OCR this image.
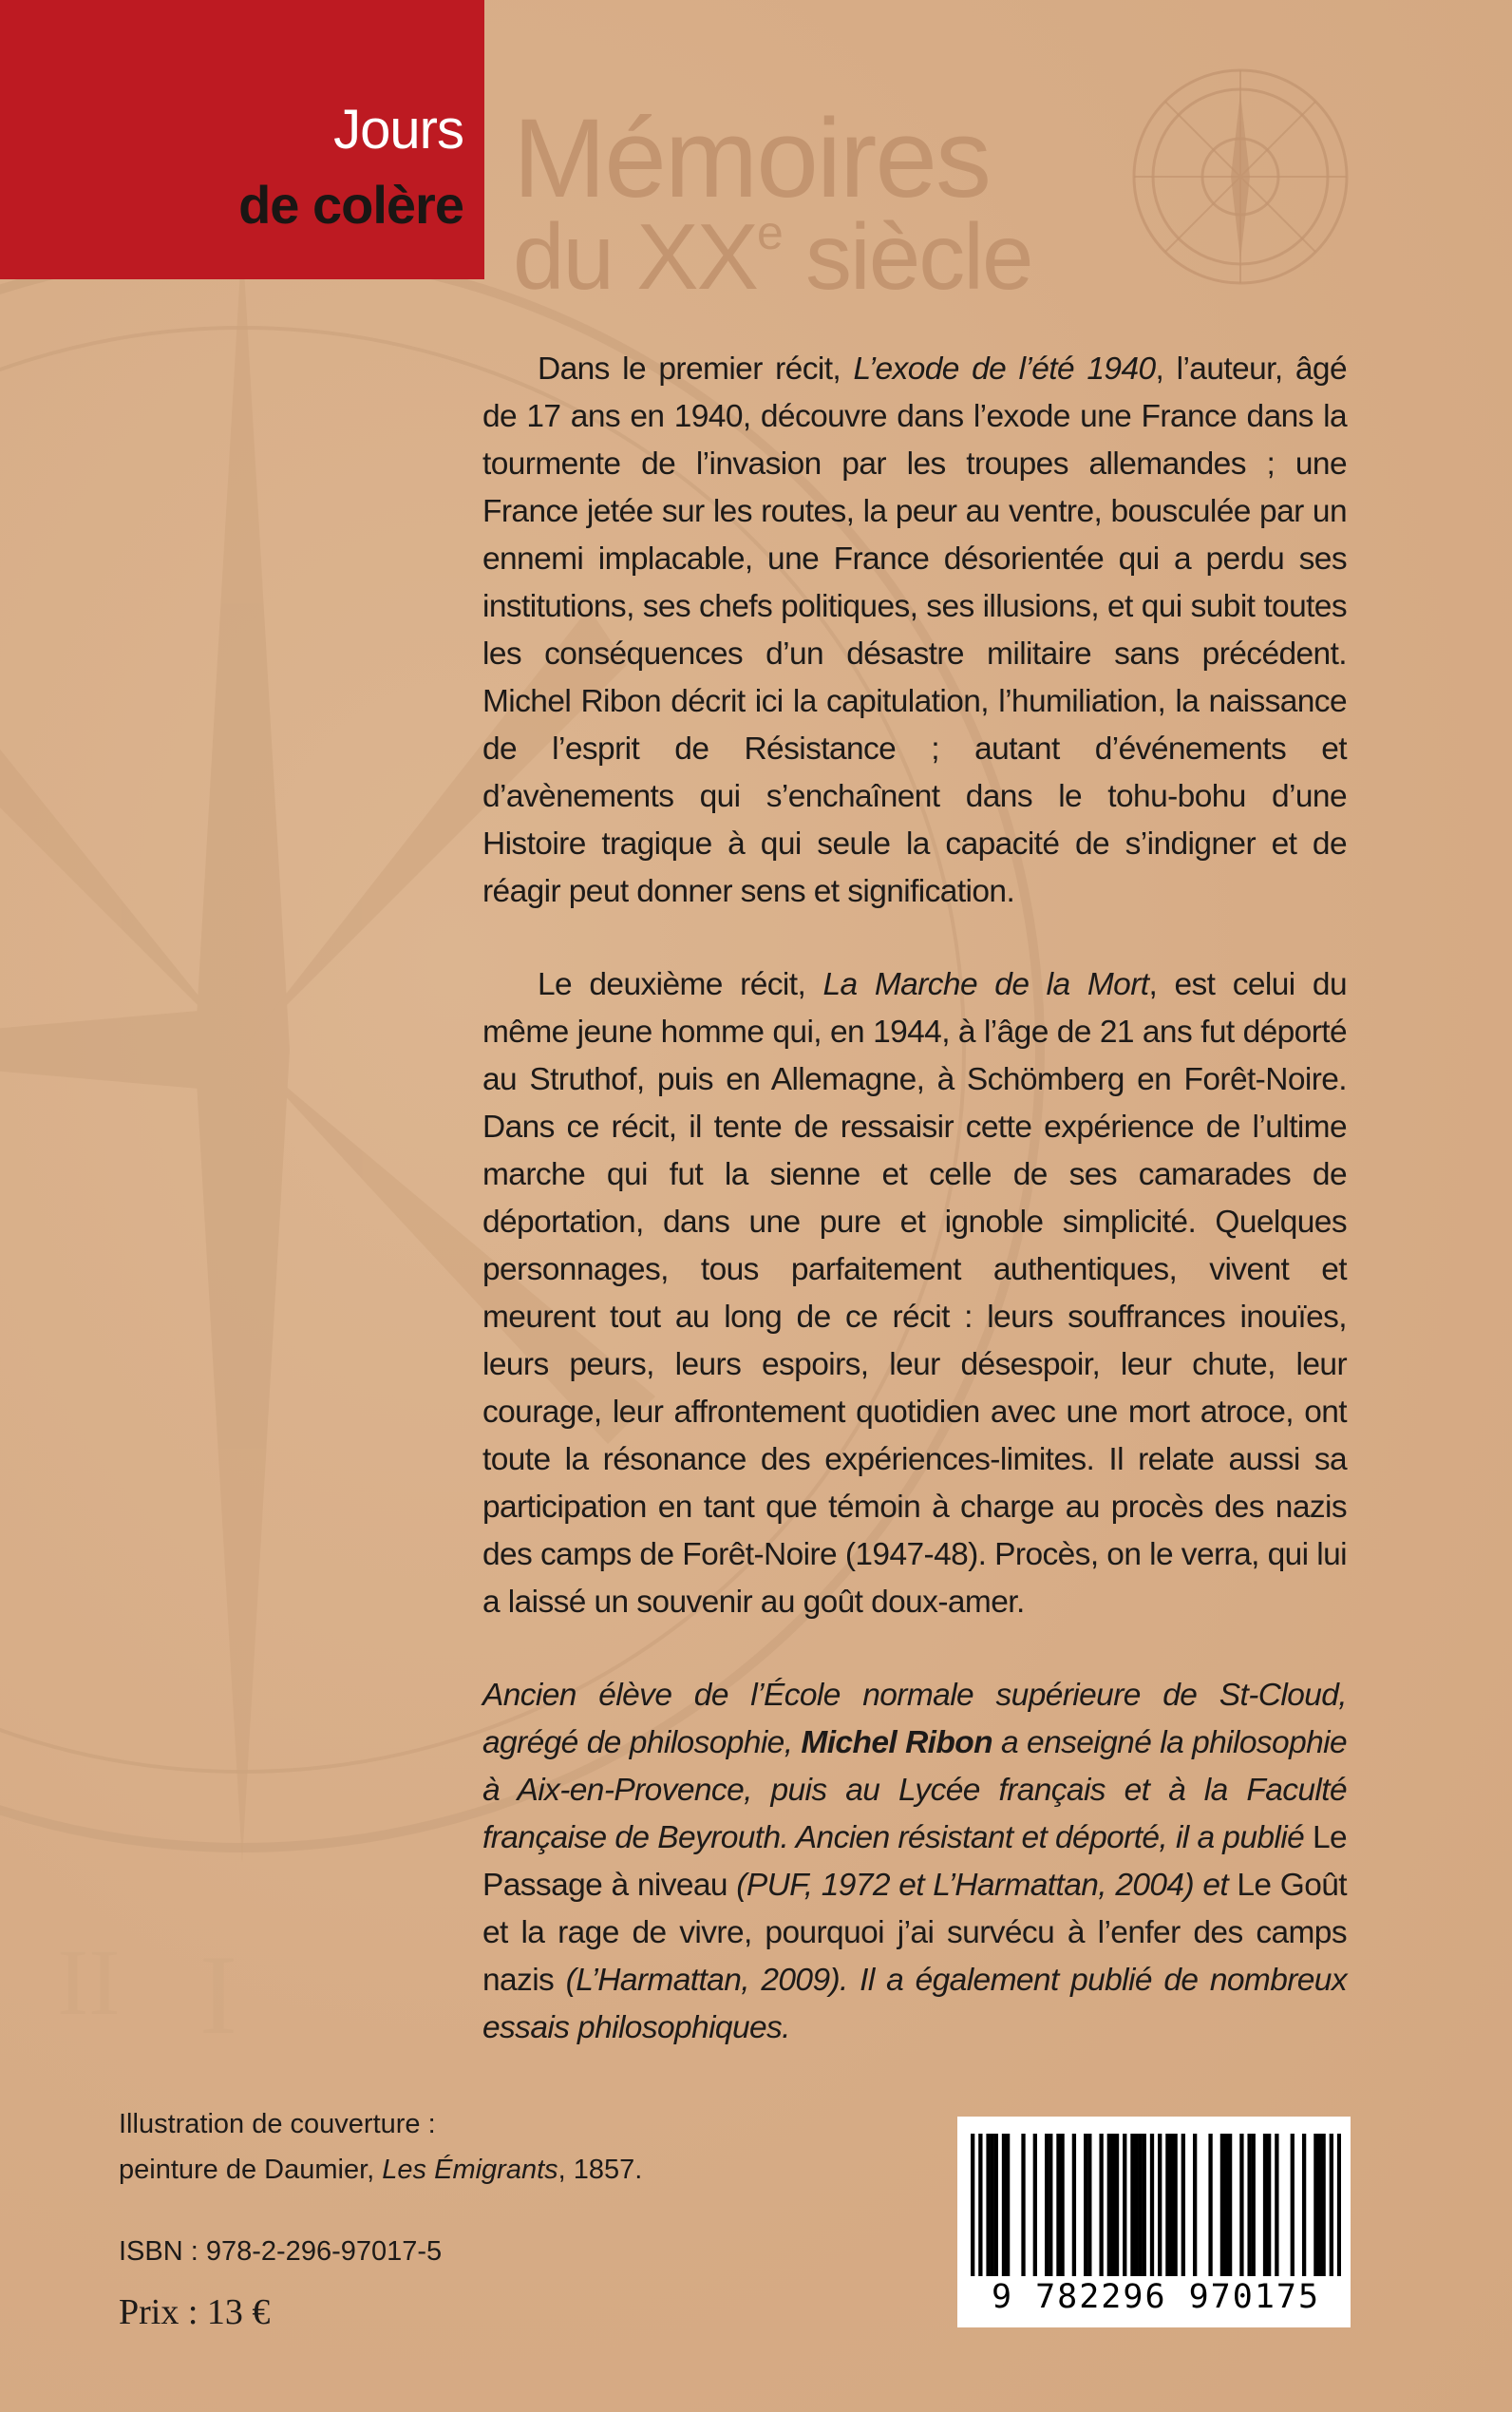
I
II
Jours
de colère Mémoires
du XXe siècle

Dans le premier récit, L’exode de l’été 1940, l’auteur, âgé de 17 ans en 1940, découvre dans l’exode une France dans la tourmente de l’invasion par les troupes allemandes ; une France jetée sur les routes, la peur au ventre, bousculée par un ennemi implacable, une France désorientée qui a perdu ses institutions, ses chefs politiques, ses illusions, et qui subit toutes les conséquences d’un désastre militaire sans précédent. Michel Ribon décrit ici la capitulation, l’humiliation, la naissance de l’esprit de Résistance ; autant d’événements et d’avènements qui s’enchaînent dans le tohu-bohu d’une Histoire tragique à qui seule la capacité de s’indigner et de réagir peut donner sens et signification.

Le deuxième récit, La Marche de la Mort, est celui du même jeune homme qui, en 1944, à l’âge de 21 ans fut déporté au Struthof, puis en Allemagne, à Schömberg en Forêt-Noire. Dans ce récit, il tente de ressaisir cette expérience de l’ultime marche qui fut la sienne et celle de ses camarades de déportation, dans une pure et ignoble simplicité. Quelques personnages, tous parfaitement authentiques, vivent et meurent tout au long de ce récit : leurs souffrances inouïes, leurs peurs, leurs espoirs, leur désespoir, leur chute, leur courage, leur affrontement quotidien avec une mort atroce, ont toute la résonance des expériences-limites. Il relate aussi sa participation en tant que témoin à charge au procès des nazis des camps de Forêt-Noire (1947-48). Procès, on le verra, qui lui a laissé un souvenir au goût doux-amer.

Ancien élève de l’École normale supérieure de St-Cloud, agrégé de philosophie, Michel Ribon a enseigné la philosophie à Aix-en-Provence, puis au Lycée français et à la Faculté française de Beyrouth. Ancien résistant et déporté, il a publié Le Passage à niveau (PUF, 1972 et L’Harmattan, 2004) et Le Goût et la rage de vivre, pourquoi j’ai survécu à l’enfer des camps nazis (L’Harmattan, 2009). Il a également publié de nombreux essais philosophiques.

Illustration de couverture :
peinture de Daumier, Les Émigrants, 1857.
ISBN : 978-2-296-97017-5
Prix : 13 €	9 782296 970175
